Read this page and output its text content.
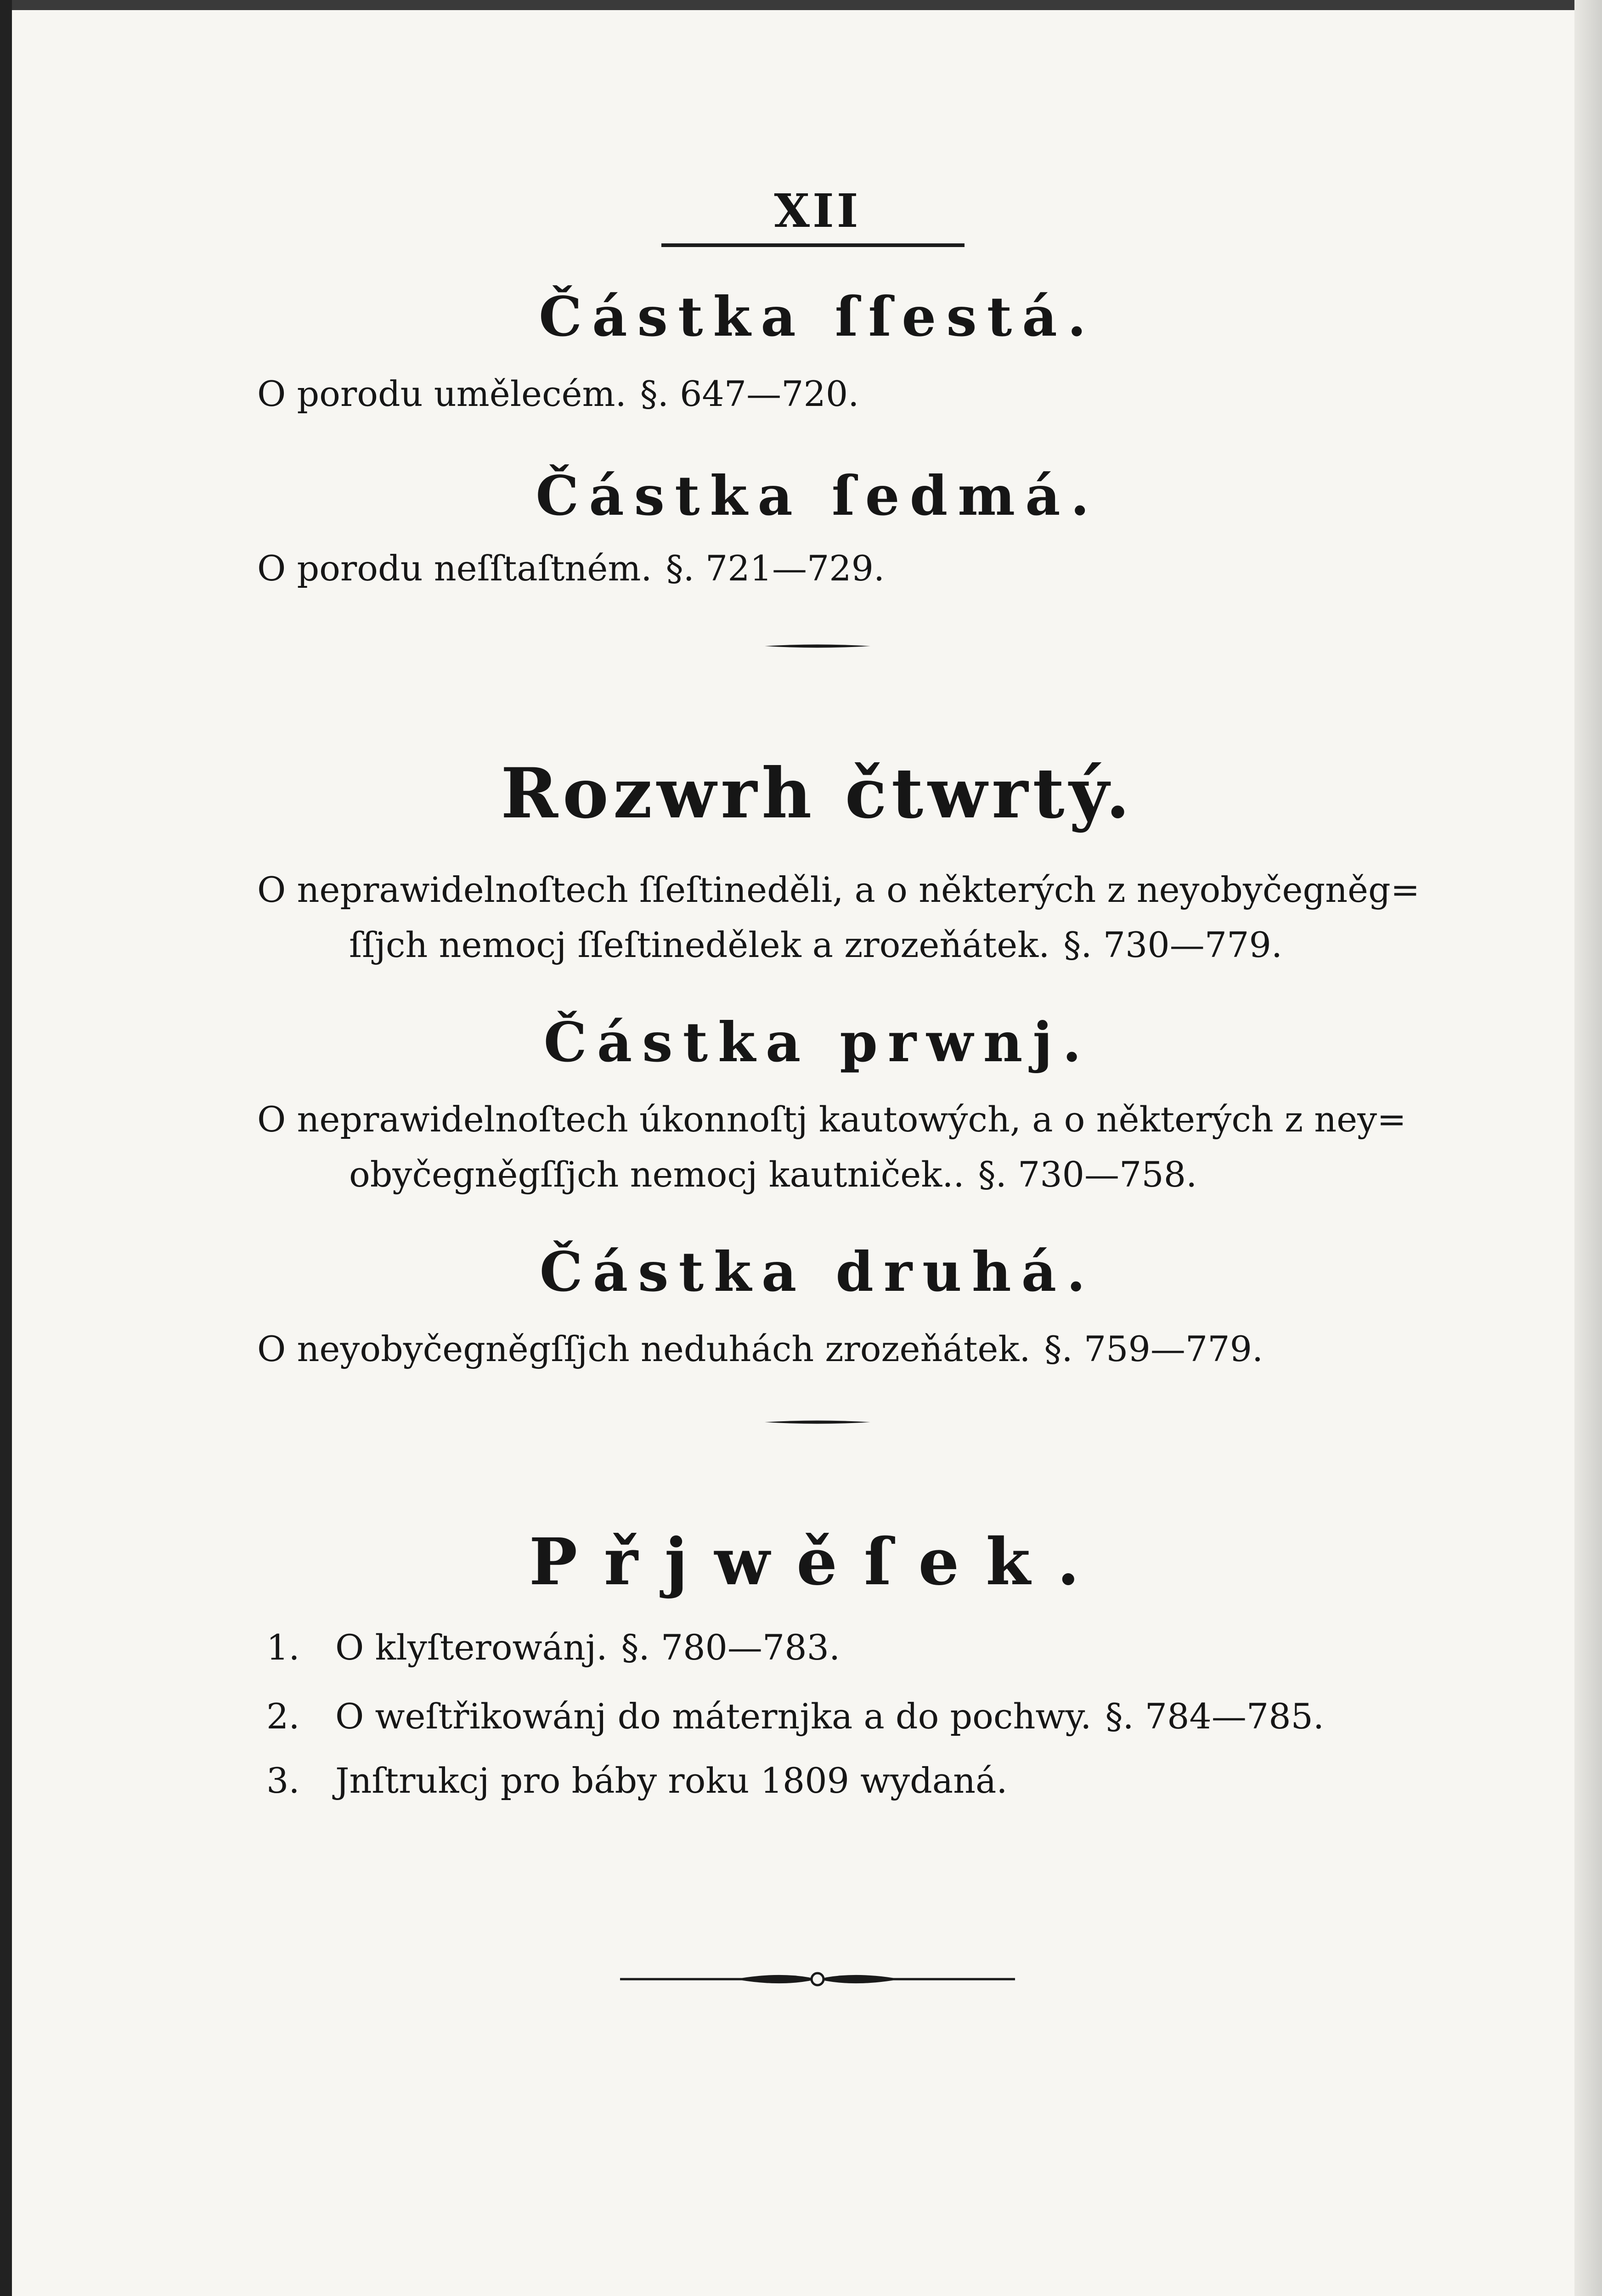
XII
Částka ſſestá.
O porodu umělecém. §. 647—720.
Částka ſedmá.
O porodu neſſtaſtném. §. 721—729.
Rozwrh čtwrtý.
O neprawidelnoſtech ſſeſtineděli, a o některých z neyobyčegněg=
ſſjch nemocj ſſeſtinedělek a zrozeňátek. §. 730—779.
Částka prwnj.
O neprawidelnoſtech úkonnoſtj kautowých, a o některých z ney=
obyčegněgſſjch nemocj kautniček.. §. 730—758.
Částka druhá.
O neyobyčegněgſſjch neduhách zrozeňátek. §. 759—779.
Přjwěſek.
1. O klyſterowánj. §. 780—783.
2. O weſtřikowánj do máternjka a do pochwy. §. 784—785.
3. Jnſtrukcj pro báby roku 1809 wydaná.
